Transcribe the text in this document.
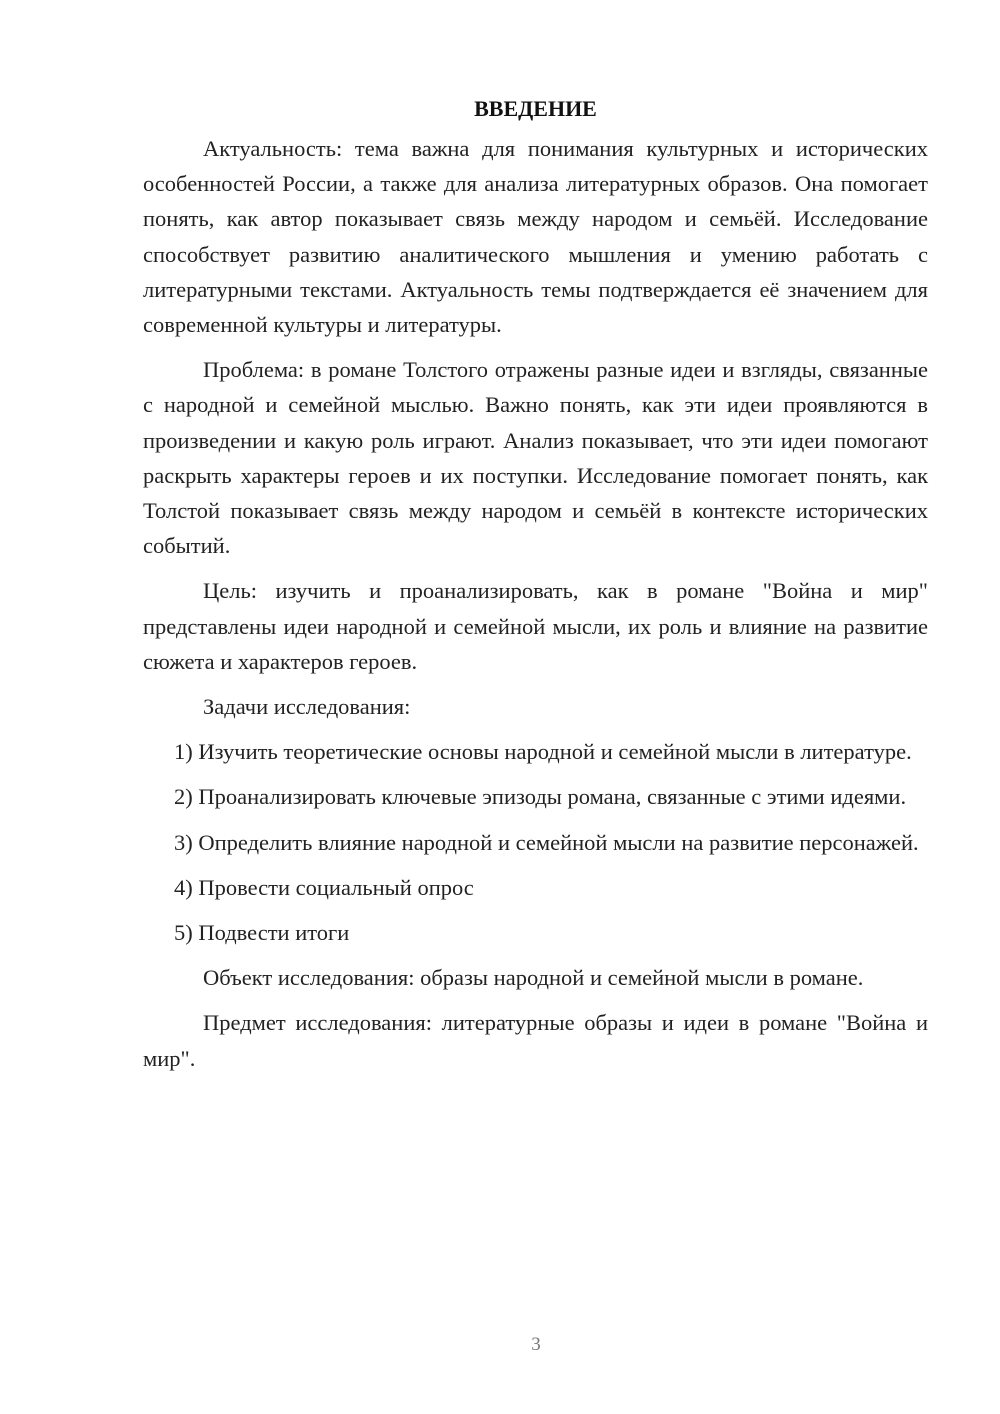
ВВЕДЕНИЕ

Актуальность: тема важна для понимания культурных и исторических особенностей России, а также для анализа литературных образов. Она помогает понять, как автор показывает связь между народом и семьёй. Исследование способствует развитию аналитического мышления и умению работать с литературными текстами. Актуальность темы подтверждается её значением для современной культуры и литературы.

Проблема: в романе Толстого отражены разные идеи и взгляды, связанные с народной и семейной мыслью. Важно понять, как эти идеи проявляются в произведении и какую роль играют. Анализ показывает, что эти идеи помогают раскрыть характеры героев и их поступки. Исследование помогает понять, как Толстой показывает связь между народом и семьёй в контексте исторических событий.

Цель: изучить и проанализировать, как в романе "Война и мир" представлены идеи народной и семейной мысли, их роль и влияние на развитие сюжета и характеров героев.

Задачи исследования:

1) Изучить теоретические основы народной и семейной мысли в литературе.

2) Проанализировать ключевые эпизоды романа, связанные с этими идеями.

3) Определить влияние народной и семейной мысли на развитие персонажей.

4) Провести социальный опрос

5) Подвести итоги

Объект исследования: образы народной и семейной мысли в романе.

Предмет исследования: литературные образы и идеи в романе "Война и мир".

3
